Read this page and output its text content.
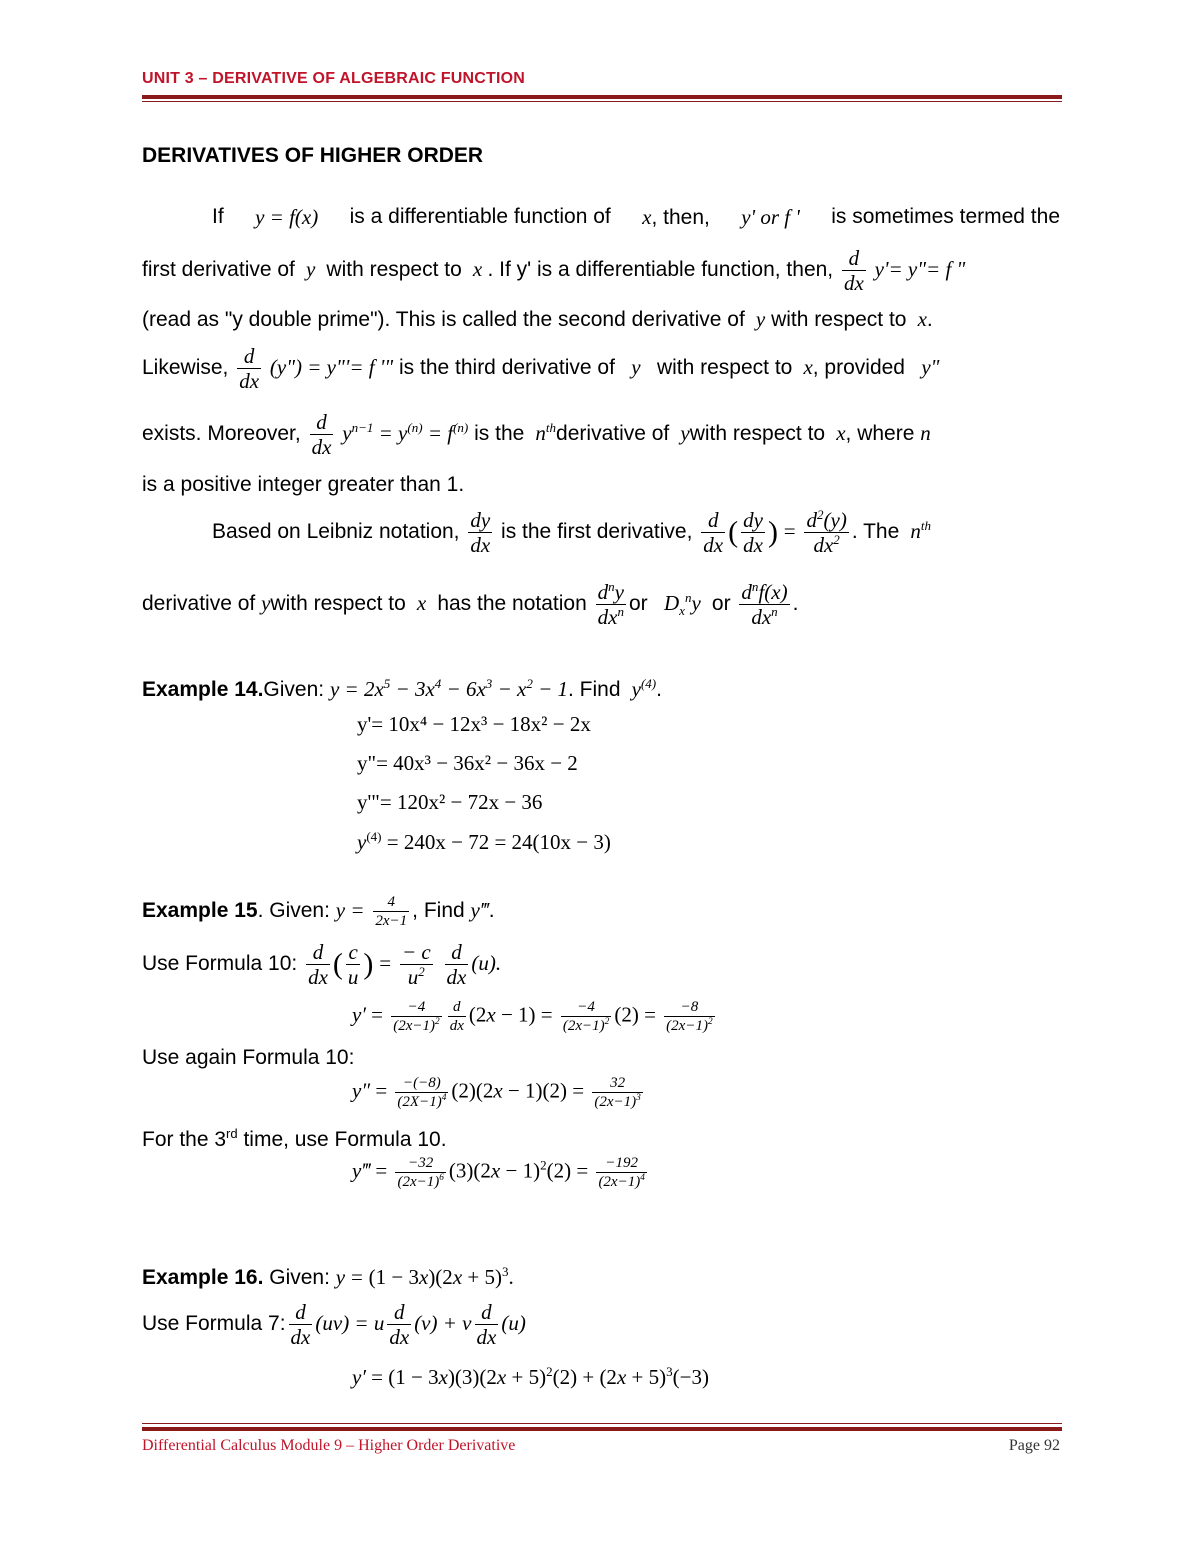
UNIT 3 – DERIVATIVE OF ALGEBRAIC FUNCTION
DERIVATIVES OF HIGHER ORDER
If y = f(x) is a differentiable function of x, then, y' or f ' is sometimes termed the
first derivative of  y  with respect to  x . If y' is a differentiable function, then, $\frac{d}{dx} y'=$ y"= f "
(read as "y double prime"). This is called the second derivative of  y with respect to  x.
Likewise, $\frac{d}{dx}$ (y") = y"'= f '" is the third derivative of   y   with respect to  x, provided y"
exists. Moreover, $\frac{d}{dx} y^{n-1} = y^{(n)} = f^{(n)}$ is the  $n^{th}derivative$ of  ywith respect to  x, where n
is a positive integer greater than 1.
Based on Leibniz notation, $\frac{dy}{dx}$ is the first derivative, $\frac{d}{dx}$ ( $\frac{dy}{dx}$ ) = $\frac{d^2(y)}{dx^2}$ . The  $n^{th}$
derivative of ywith respect to  x  has the notation $\frac{d^ny}{dx^n}$ or   $D_x^ny$  or $\frac{d^nf(x)}{dx^n}$ .
Example 14.Given: $y = 2x^5 - 3x^4 - 6x^3 - x^2 - 1$. Find  $y^{(4)}$.
y'= 10x⁴ − 12x³ − 18x² − 2x
y"= 40x³ − 36x² − 36x − 2
y'"= 120x² − 72x − 36
$y^{(4)} = 240x - 72 = 24(10x - 3)$
Example 15. Given: $y = \frac{4}{2x-1}$ , Find y‴.
Use Formula 10: $\frac{d}{dx}$ ( $\frac{c}{u}$ ) = $\frac{- c}{u^2}$
$\frac{d}{dx} (u)$.
$y' = \frac{-4}{(2x-1)^2} \frac{d}{dx} (2x - 1) = \frac{-4}{(2x-1)^2} (2) = \frac{-8}{(2x-1)^2}$
Use again Formula 10:
$y'' = \frac{-(-8)}{(2X-1)^4} (2)(2x - 1)(2) = \frac{32}{(2x-1)^3}$
For the 3rd time, use Formula 10.
y‴ = $\frac{-32}{(2x-1)^6} (3)(2x - 1)^2(2) = \frac{-192}{(2x-1)^4}$
Example 16. Given: $y = (1 - 3x)(2x + 5)^3$.
Use Formula 7: $\frac{d}{dx} (uv) = u \frac{d}{dx} (v) + v \frac{d}{dx} (u)$
$y' = (1 - 3x)(3)(2x + 5)^2(2) + (2x + 5)^3(-3)$
Differential Calculus Module 9 – Higher Order Derivative	Page 92
